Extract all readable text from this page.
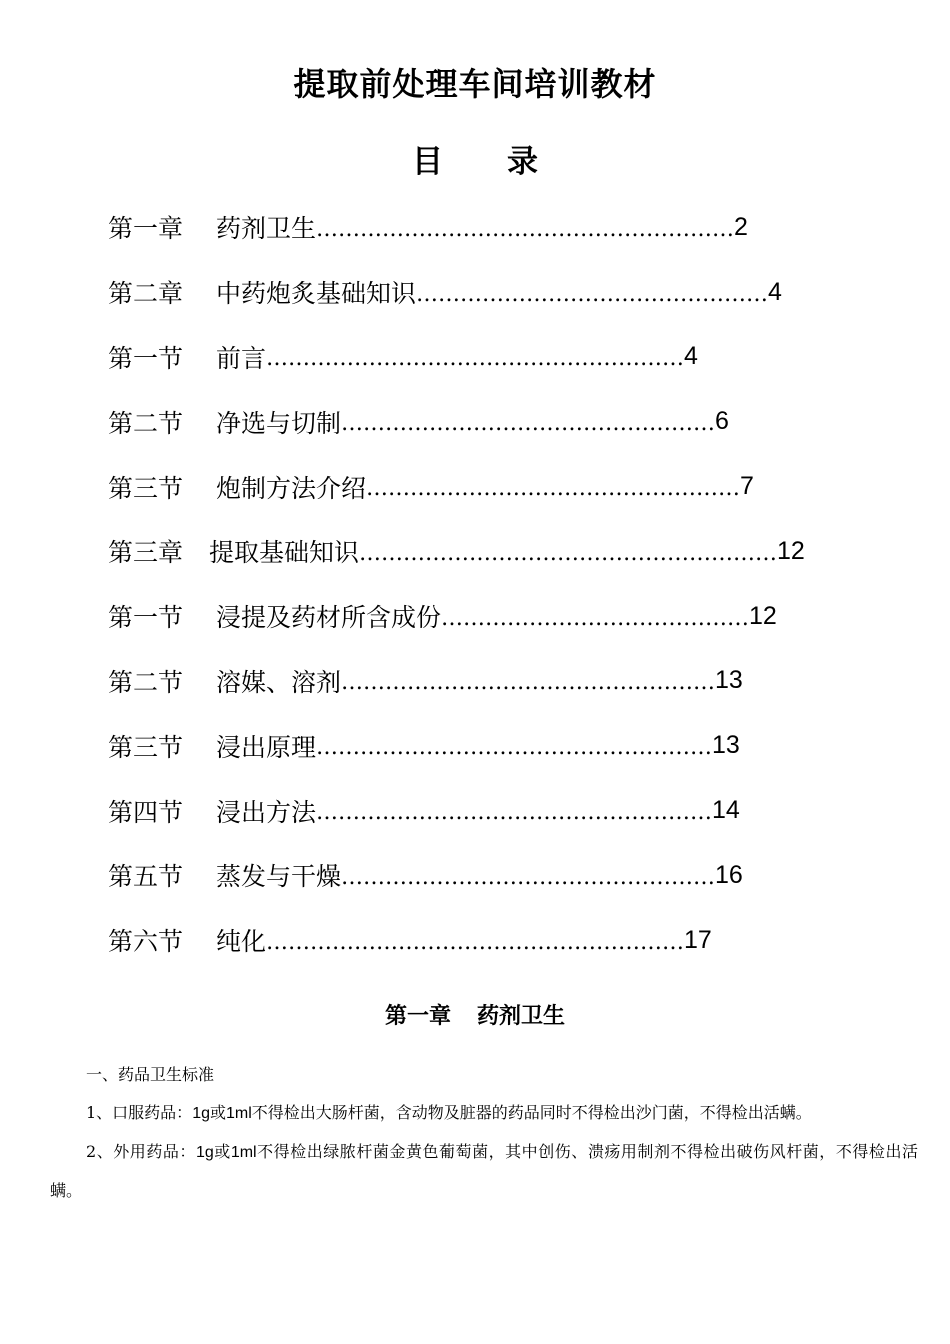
提取前处理车间培训教材
目 录
第一章 药剂卫生 ………………………………………………… 2
第二章 中药炮炙基础知识 ………………………………………… 4
第一节 前言 ………………………………………………… 4
第二节 净选与切制 …………………………………………… 6
第三节 炮制方法介绍 …………………………………………… 7
第三章 提取基础知识 ………………………………………………… 12
第一节 浸提及药材所含成份 …………………………………… 12
第二节 溶媒、溶剂 …………………………………………… 13
第三节 浸出原理 ……………………………………………… 13
第四节 浸出方法 ……………………………………………… 14
第五节 蒸发与干燥 …………………………………………… 16
第六节 纯化 ………………………………………………… 17
第一章 药剂卫生

一、药品卫生标准

1、口服药品：1g或1ml不得检出大肠杆菌，含动物及脏器的药品同时不得检出沙门菌，不得检出活螨。

2、外用药品：1g或1ml不得检出绿脓杆菌金黄色葡萄菌，其中创伤、溃疡用制剂不得检出破伤风杆菌，不得检出活螨。
